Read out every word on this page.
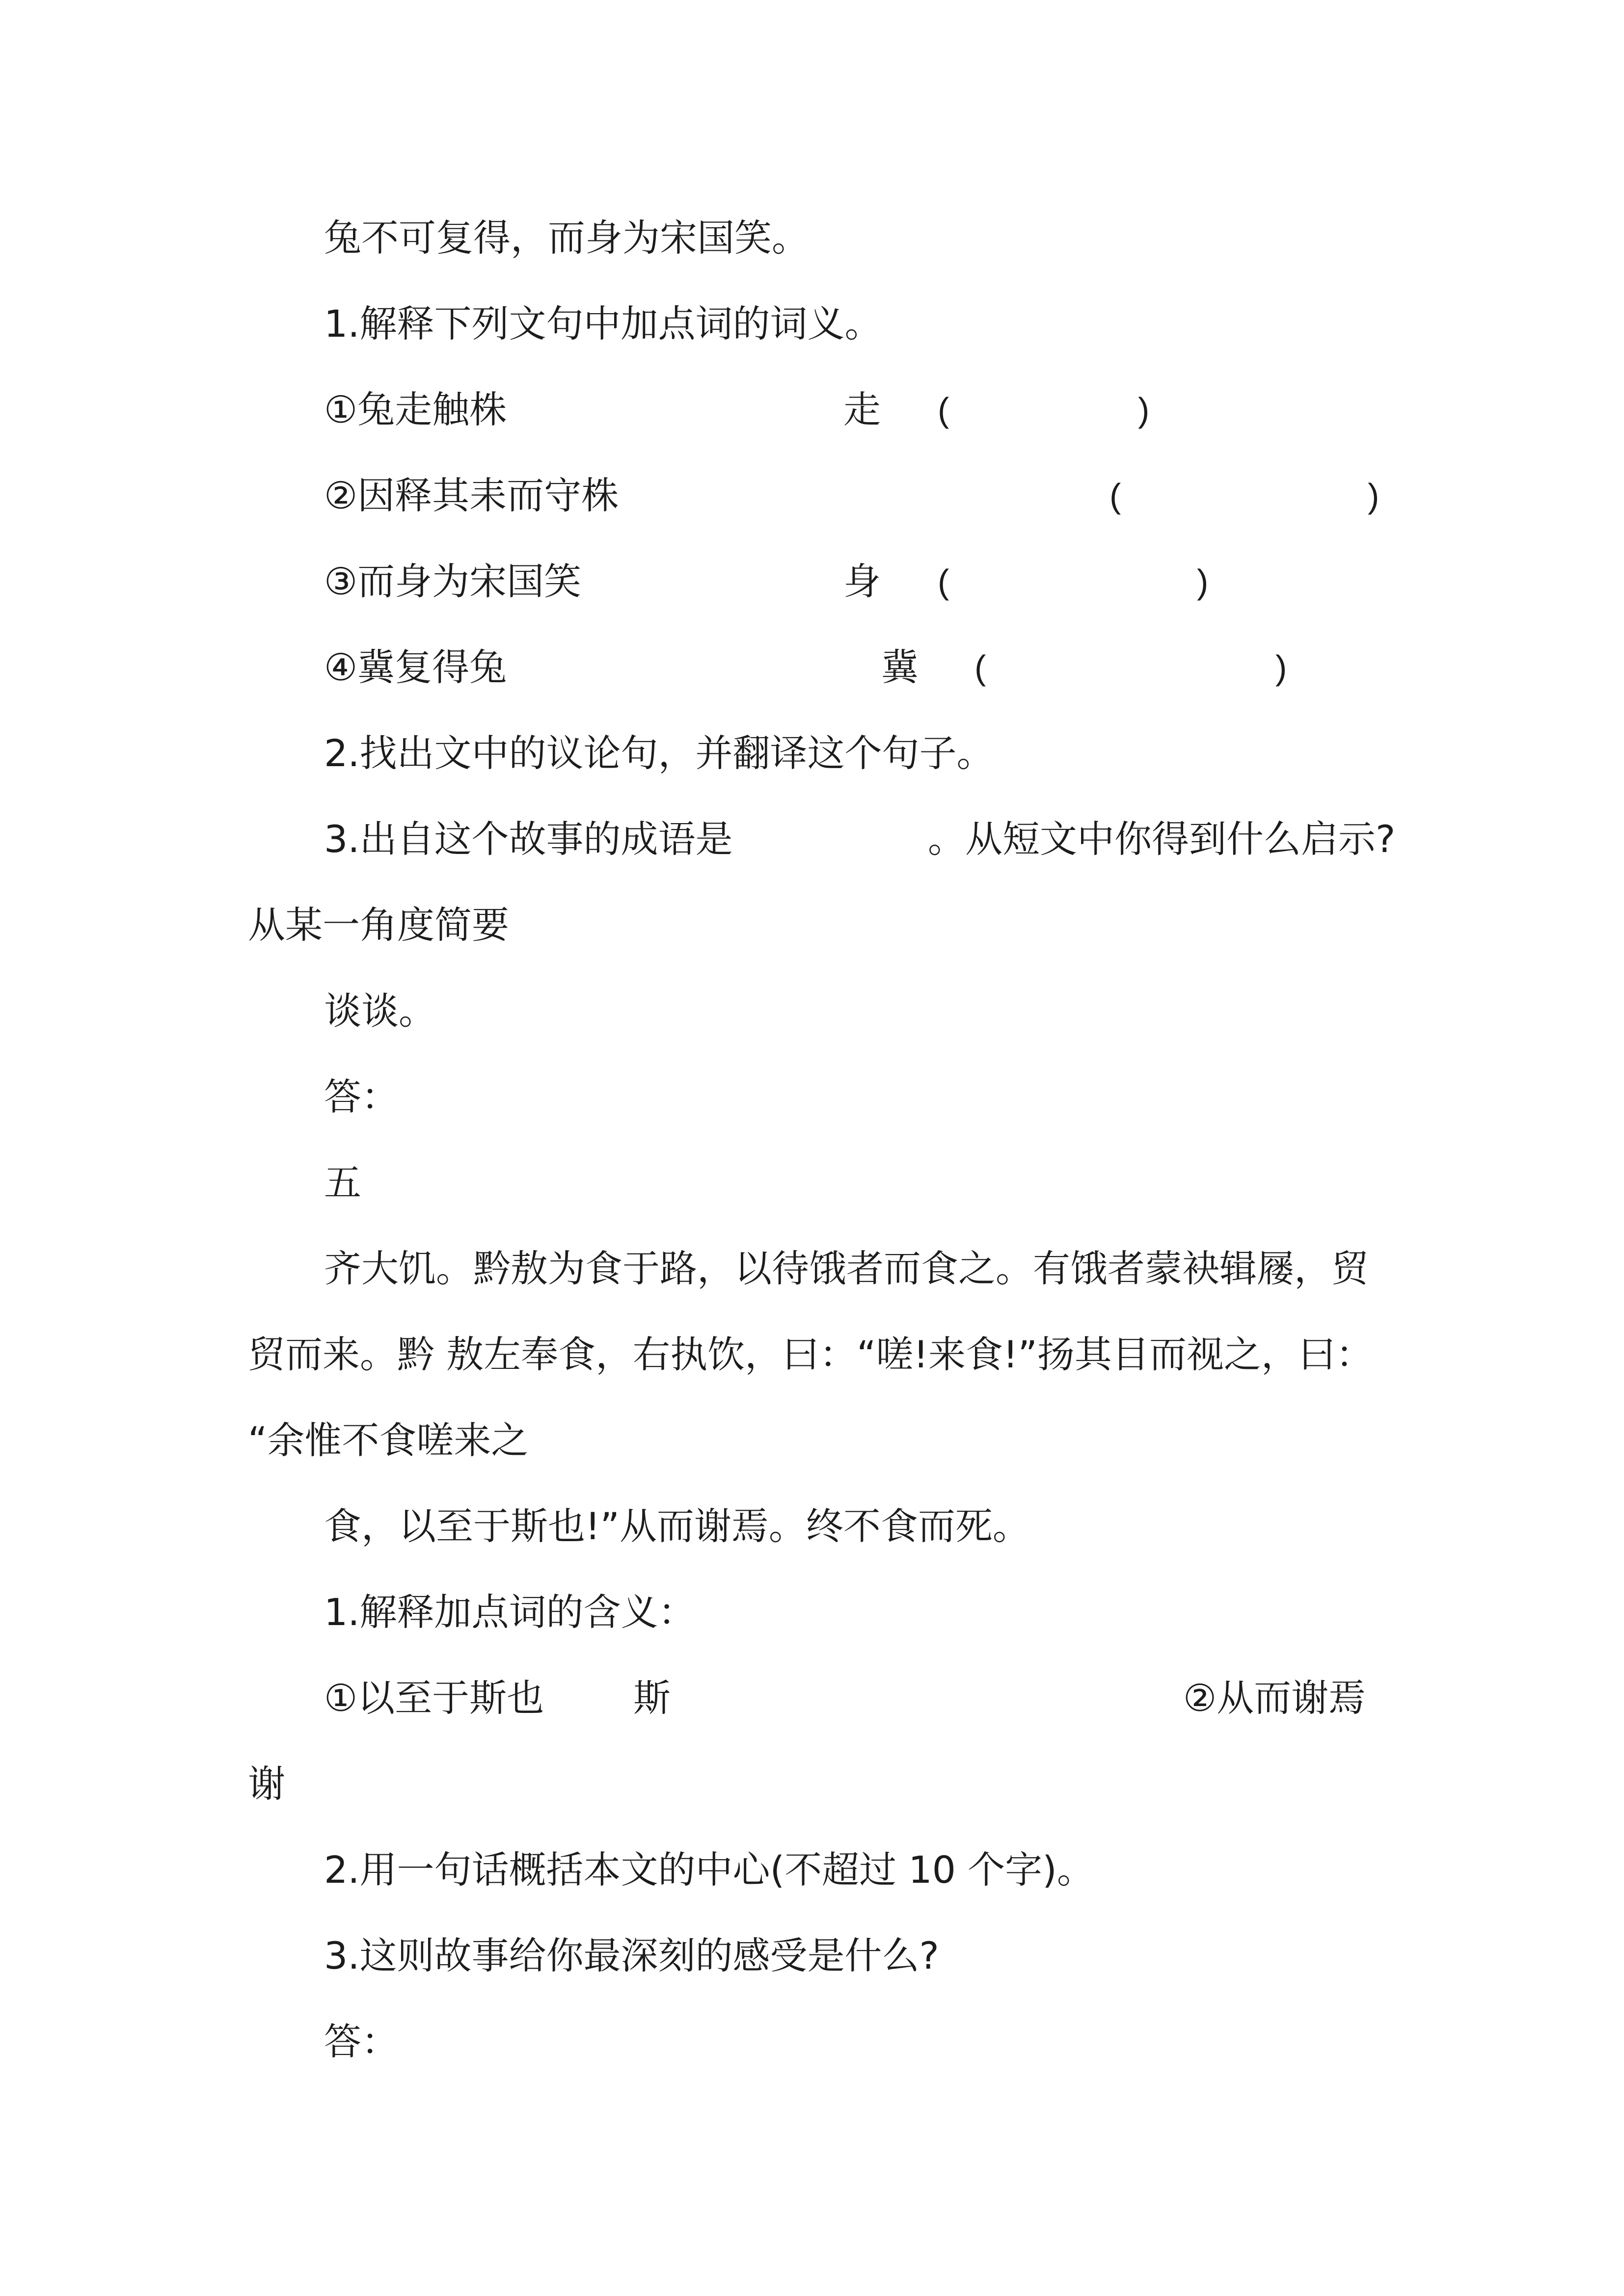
兔不可复得，而身为宋国笑。
1.解释下列文句中加点词的词义。
①兔走触株	走 (	)
②因释其耒而守株	(	)
③而身为宋国笑	身 (	)
④冀复得兔	冀 (	)
2.找出文中的议论句，并翻译这个句子。
3.出自这个故事的成语是	。从短文中你得到什么启示?
从某一角度简要
谈谈。
答：
五
齐大饥。黔敖为食于路，以待饿者而食之。有饿者蒙袂辑屦，贸
贸而来。黔 敖左奉食，右执饮，曰：“嗟!来食!”扬其目而视之，曰：
“余惟不食嗟来之
食，以至于斯也!”从而谢焉。终不食而死。
1.解释加点词的含义：
①以至于斯也 斯	②从而谢焉
谢
2.用一句话概括本文的中心(不超过 10 个字)。
3.这则故事给你最深刻的感受是什么?
答：
